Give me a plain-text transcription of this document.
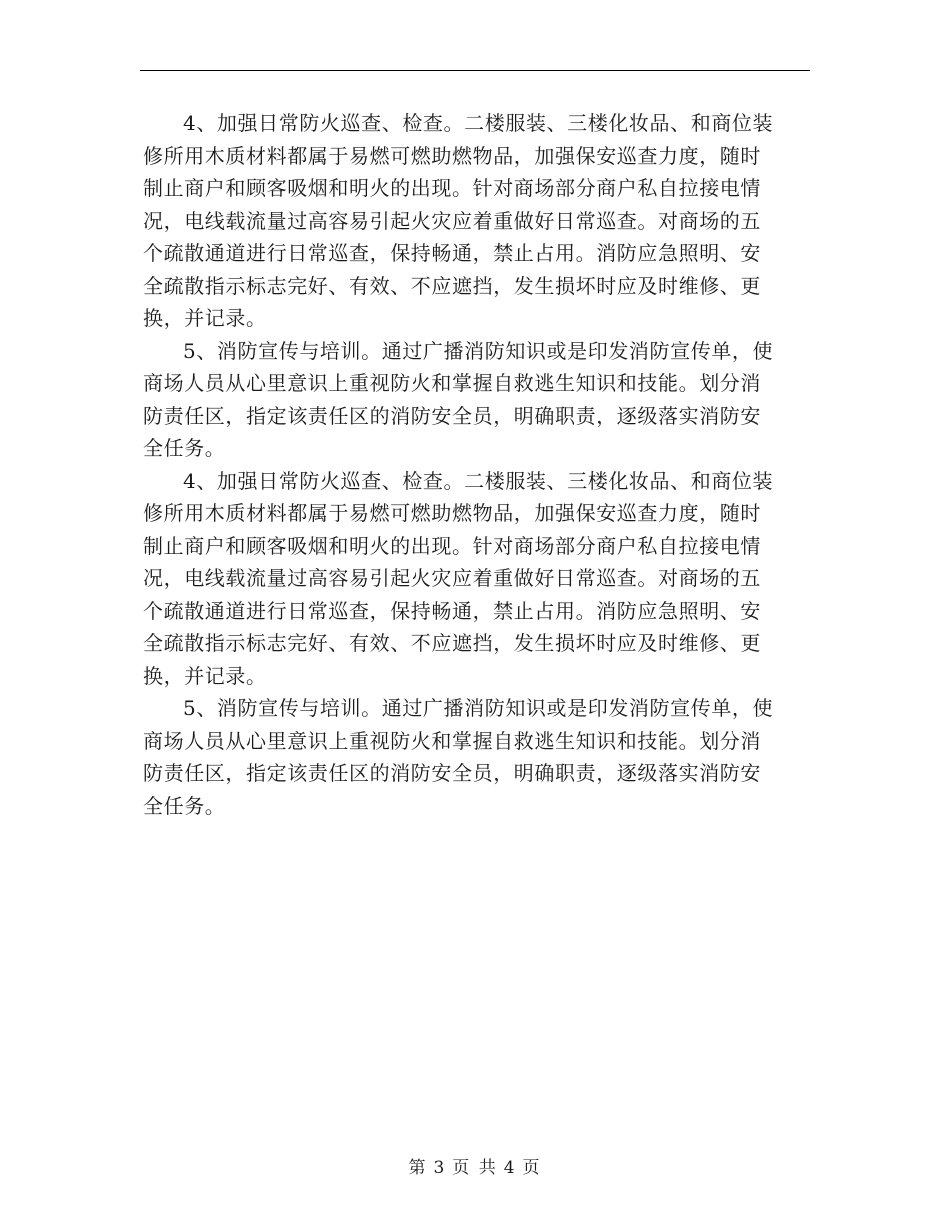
4、加强日常防火巡查、检查。二楼服装、三楼化妆品、和商位装
修所用木质材料都属于易燃可燃助燃物品，加强保安巡查力度，随时
制止商户和顾客吸烟和明火的出现。针对商场部分商户私自拉接电情
况，电线载流量过高容易引起火灾应着重做好日常巡查。对商场的五
个疏散通道进行日常巡查，保持畅通，禁止占用。消防应急照明、安
全疏散指示标志完好、有效、不应遮挡，发生损坏时应及时维修、更
换，并记录。

5、消防宣传与培训。通过广播消防知识或是印发消防宣传单，使
商场人员从心里意识上重视防火和掌握自救逃生知识和技能。划分消
防责任区，指定该责任区的消防安全员，明确职责，逐级落实消防安
全任务。

4、加强日常防火巡查、检查。二楼服装、三楼化妆品、和商位装
修所用木质材料都属于易燃可燃助燃物品，加强保安巡查力度，随时
制止商户和顾客吸烟和明火的出现。针对商场部分商户私自拉接电情
况，电线载流量过高容易引起火灾应着重做好日常巡查。对商场的五
个疏散通道进行日常巡查，保持畅通，禁止占用。消防应急照明、安
全疏散指示标志完好、有效、不应遮挡，发生损坏时应及时维修、更
换，并记录。

5、消防宣传与培训。通过广播消防知识或是印发消防宣传单，使
商场人员从心里意识上重视防火和掌握自救逃生知识和技能。划分消
防责任区，指定该责任区的消防安全员，明确职责，逐级落实消防安
全任务。

第 3 页 共 4 页
